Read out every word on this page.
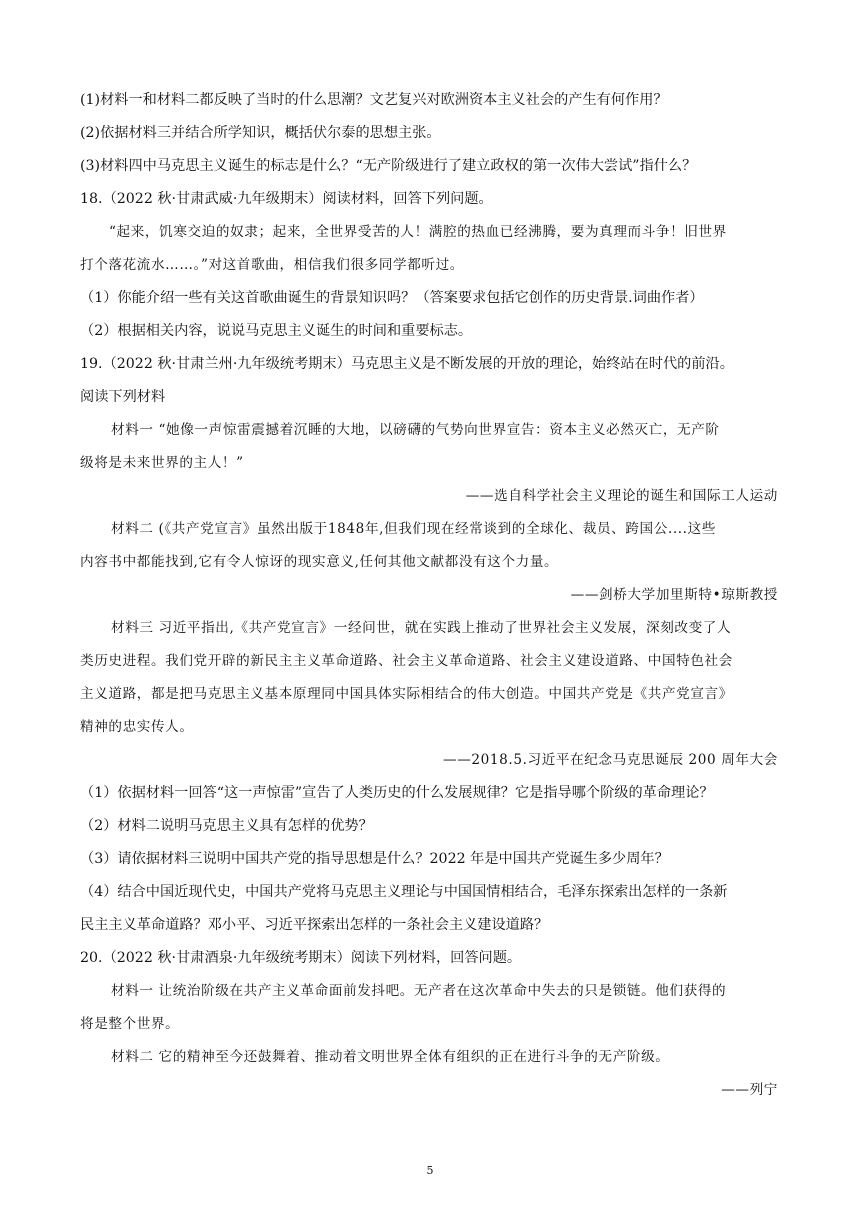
(1)材料一和材料二都反映了当时的什么思潮？文艺复兴对欧洲资本主义社会的产生有何作用？
(2)依据材料三并结合所学知识，概括伏尔泰的思想主张。
(3)材料四中马克思主义诞生的标志是什么？“无产阶级进行了建立政权的第一次伟大尝试”指什么？
18.（2022 秋·甘肃武威·九年级期末）阅读材料，回答下列问题。
“起来，饥寒交迫的奴隶；起来，全世界受苦的人！满腔的热血已经沸腾，要为真理而斗争！旧世界
打个落花流水……。”对这首歌曲，相信我们很多同学都听过。
（1）你能介绍一些有关这首歌曲诞生的背景知识吗？（答案要求包括它创作的历史背景.词曲作者）
（2）根据相关内容，说说马克思主义诞生的时间和重要标志。
19.（2022 秋·甘肃兰州·九年级统考期末）马克思主义是不断发展的开放的理论，始终站在时代的前沿。
阅读下列材料
材料一 “她像一声惊雷震撼着沉睡的大地，以磅礴的气势向世界宣告：资本主义必然灭亡，无产阶
级将是未来世界的主人！”
——选自科学社会主义理论的诞生和国际工人运动
材料二 (《共产党宣言》虽然出版于1848年,但我们现在经常谈到的全球化、裁员、跨国公....这些
内容书中都能找到,它有令人惊讶的现实意义,任何其他文献都没有这个力量。
——剑桥大学加里斯特•琼斯教授
材料三 习近平指出,《共产党宣言》一经问世，就在实践上推动了世界社会主义发展，深刻改变了人
类历史进程。我们党开辟的新民主主义革命道路、社会主义革命道路、社会主义建设道路、中国特色社会
主义道路，都是把马克思主义基本原理同中国具体实际相结合的伟大创造。中国共产党是《共产党宣言》
精神的忠实传人。
——2018.5.习近平在纪念马克思诞辰 200 周年大会
（1）依据材料一回答“这一声惊雷”宣告了人类历史的什么发展规律？它是指导哪个阶级的革命理论？
（2）材料二说明马克思主义具有怎样的优势？
（3）请依据材料三说明中国共产党的指导思想是什么？2022 年是中国共产党诞生多少周年？
（4）结合中国近现代史，中国共产党将马克思主义理论与中国国情相结合，毛泽东探索出怎样的一条新
民主主义革命道路？邓小平、习近平探索出怎样的一条社会主义建设道路？
20.（2022 秋·甘肃酒泉·九年级统考期末）阅读下列材料，回答问题。
材料一 让统治阶级在共产主义革命面前发抖吧。无产者在这次革命中失去的只是锁链。他们获得的
将是整个世界。
材料二 它的精神至今还鼓舞着、推动着文明世界全体有组织的正在进行斗争的无产阶级。
——列宁
5
